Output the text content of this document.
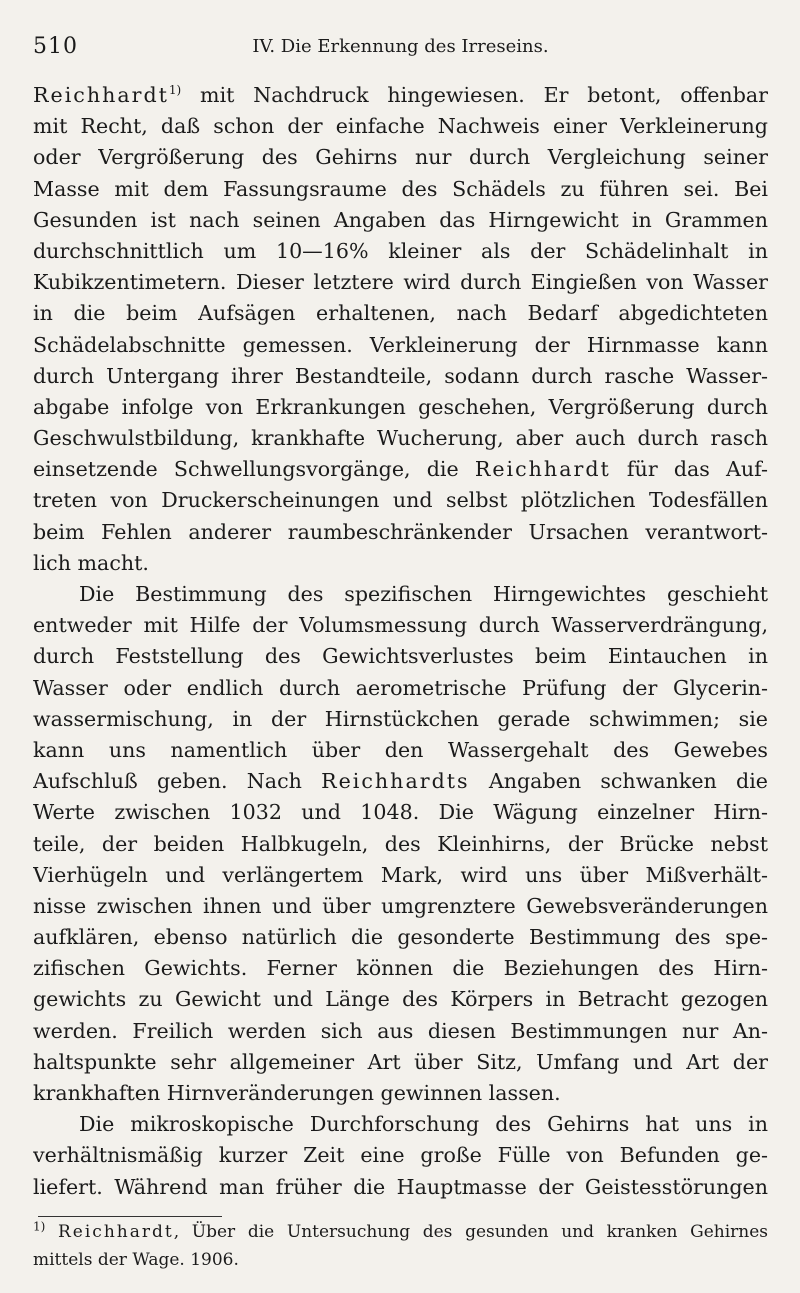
510	IV. Die Erkennung des Irreseins.
Reichhardt$^{1)}$ mit Nachdruck hingewiesen. Er betont, offenbar
mit Recht, daß schon der einfache Nachweis einer Verkleinerung
oder Vergrößerung des Gehirns nur durch Vergleichung seiner
Masse mit dem Fassungsraume des Schädels zu führen sei. Bei
Gesunden ist nach seinen Angaben das Hirngewicht in Grammen
durchschnittlich um 10—16% kleiner als der Schädelinhalt in
Kubikzentimetern. Dieser letztere wird durch Eingießen von Wasser
in die beim Aufsägen erhaltenen, nach Bedarf abgedichteten
Schädelabschnitte gemessen. Verkleinerung der Hirnmasse kann
durch Untergang ihrer Bestandteile, sodann durch rasche Wasser-
abgabe infolge von Erkrankungen geschehen, Vergrößerung durch
Geschwulstbildung, krankhafte Wucherung, aber auch durch rasch
einsetzende Schwellungsvorgänge, die Reichhardt für das Auf-
treten von Druckerscheinungen und selbst plötzlichen Todesfällen
beim Fehlen anderer raumbeschränkender Ursachen verantwort-
lich macht.
Die Bestimmung des spezifischen Hirngewichtes geschieht
entweder mit Hilfe der Volumsmessung durch Wasserverdrängung,
durch Feststellung des Gewichtsverlustes beim Eintauchen in
Wasser oder endlich durch aerometrische Prüfung der Glycerin-
wassermischung, in der Hirnstückchen gerade schwimmen; sie
kann uns namentlich über den Wassergehalt des Gewebes
Aufschluß geben. Nach Reichhardts Angaben schwanken die
Werte zwischen 1032 und 1048. Die Wägung einzelner Hirn-
teile, der beiden Halbkugeln, des Kleinhirns, der Brücke nebst
Vierhügeln und verlängertem Mark, wird uns über Mißverhält-
nisse zwischen ihnen und über umgrenztere Gewebsveränderungen
aufklären, ebenso natürlich die gesonderte Bestimmung des spe-
zifischen Gewichts. Ferner können die Beziehungen des Hirn-
gewichts zu Gewicht und Länge des Körpers in Betracht gezogen
werden. Freilich werden sich aus diesen Bestimmungen nur An-
haltspunkte sehr allgemeiner Art über Sitz, Umfang und Art der
krankhaften Hirnveränderungen gewinnen lassen.
Die mikroskopische Durchforschung des Gehirns hat uns in
verhältnismäßig kurzer Zeit eine große Fülle von Befunden ge-
liefert. Während man früher die Hauptmasse der Geistesstörungen
$^{1)}$ Reichhardt, Über die Untersuchung des gesunden und kranken Gehirnes
mittels der Wage. 1906.
